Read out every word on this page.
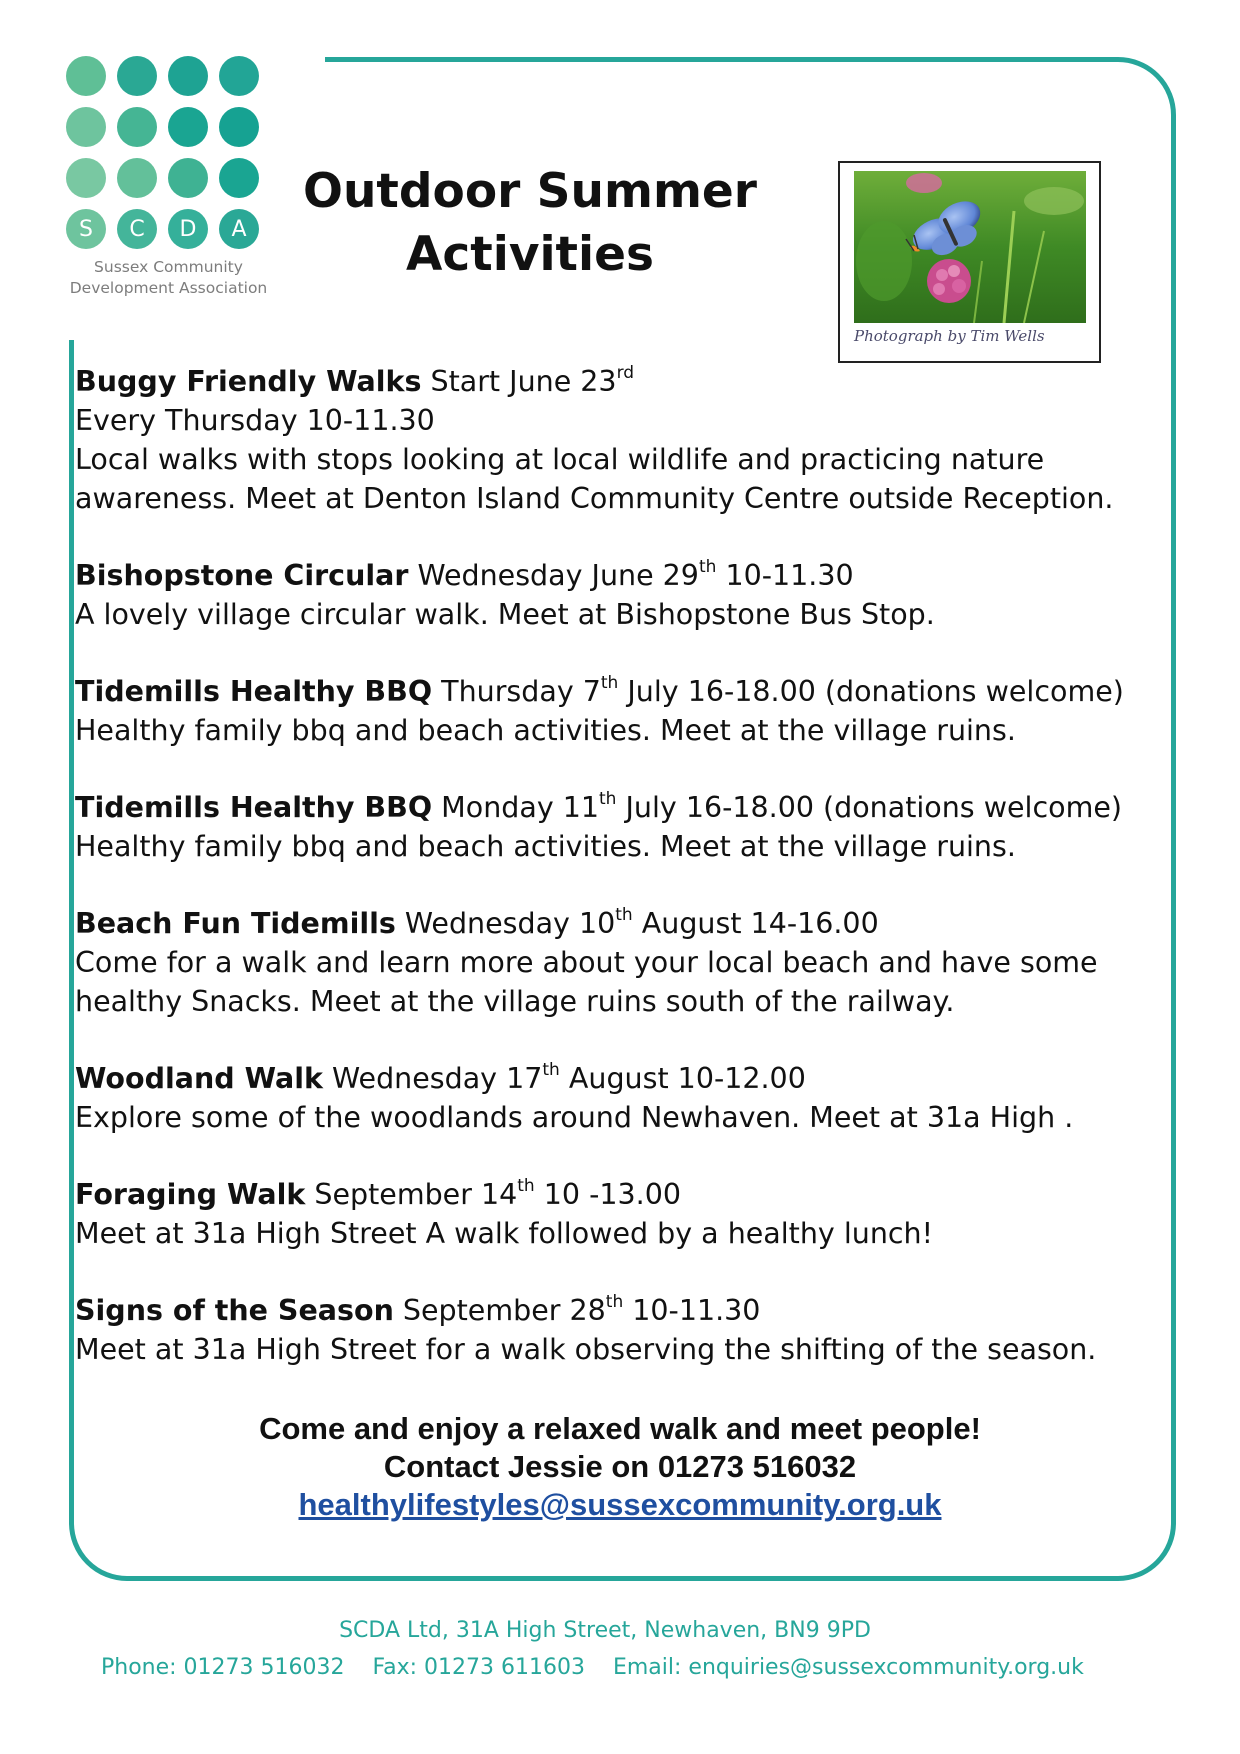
S	C	D	A
Sussex Community
Development Association
Outdoor Summer
Activities
Photograph by Tim Wells
Buggy Friendly Walks Start June 23rd
Every Thursday 10-11.30
Local walks with stops looking at local wildlife and practicing nature
awareness. Meet at Denton Island Community Centre outside Reception.
Bishopstone Circular Wednesday June 29th 10-11.30
A lovely village circular walk. Meet at Bishopstone Bus Stop.
Tidemills Healthy BBQ Thursday 7th July 16-18.00 (donations welcome)
Healthy family bbq and beach activities. Meet at the village ruins.
Tidemills Healthy BBQ Monday 11th July 16-18.00 (donations welcome)
Healthy family bbq and beach activities. Meet at the village ruins.
Beach Fun Tidemills Wednesday 10th August 14-16.00
Come for a walk and learn more about your local beach and have some
healthy Snacks. Meet at the village ruins south of the railway.
Woodland Walk Wednesday 17th August 10-12.00
Explore some of the woodlands around Newhaven. Meet at 31a High .
Foraging Walk September 14th 10 -13.00
Meet at 31a High Street A walk followed by a healthy lunch!
Signs of the Season September 28th 10-11.30
Meet at 31a High Street for a walk observing the shifting of the season.
Come and enjoy a relaxed walk and meet people!
Contact Jessie on 01273 516032
healthylifestyles@sussexcommunity.org.uk
SCDA Ltd, 31A High Street, Newhaven, BN9 9PD
Phone: 01273 516032    Fax: 01273 611603    Email: enquiries@sussexcommunity.org.uk
